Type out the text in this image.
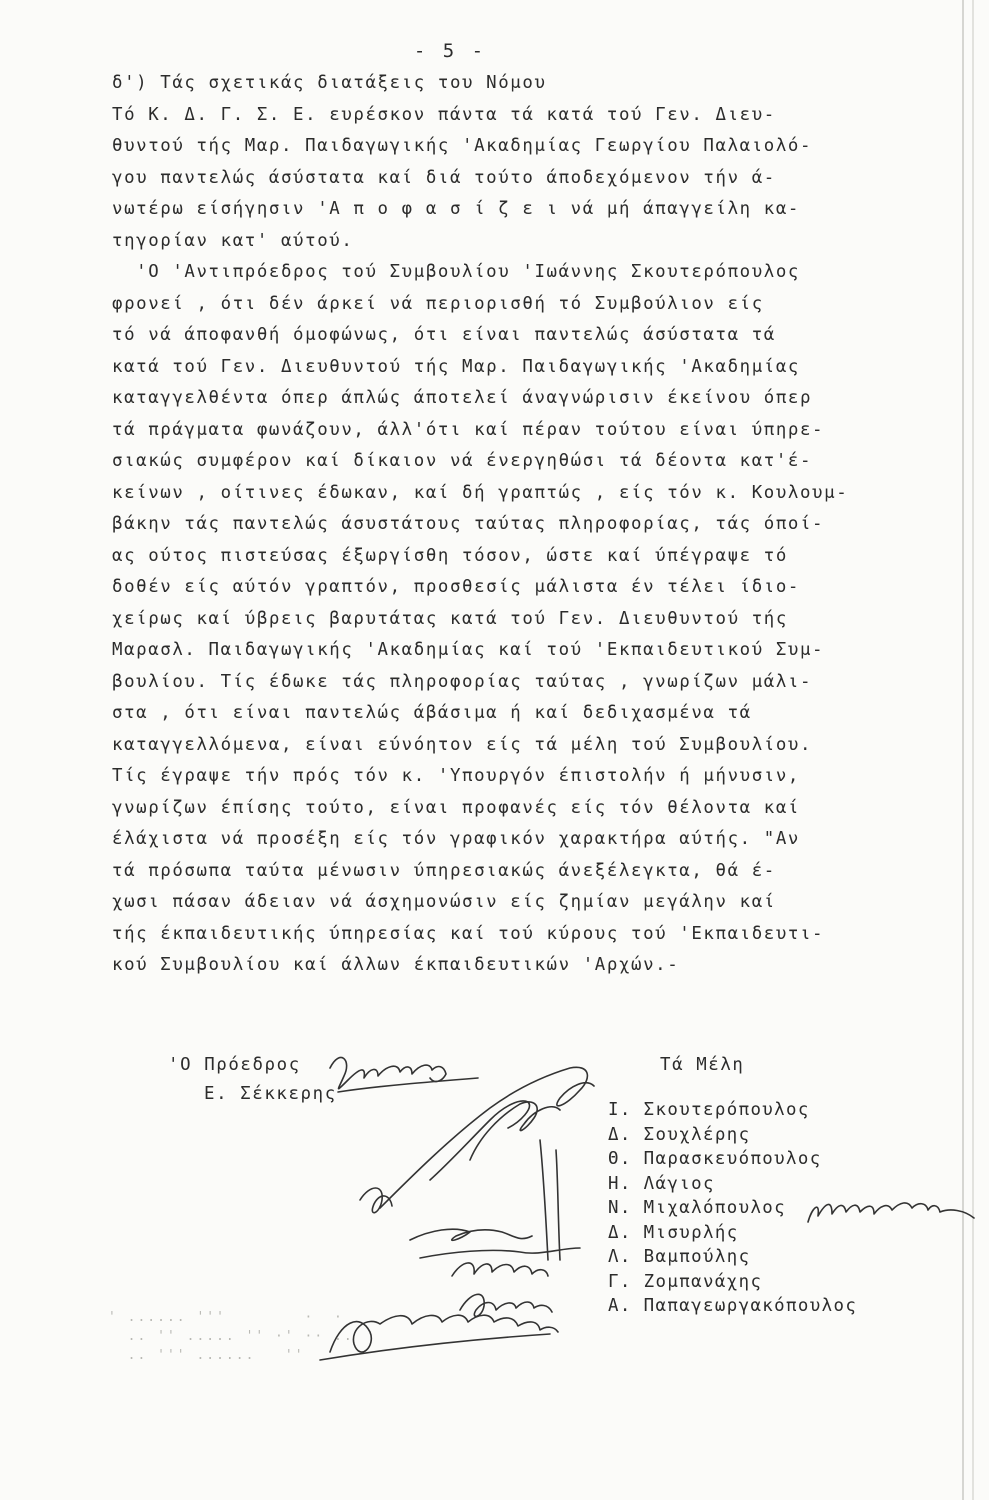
- 5 -
δ') Τάς σχετικάς διατάξεις του Νόμου
Τό Κ. Δ. Γ. Σ. Ε. ευρέσκον πάντα τά κατά τού Γεν. Διευ-
θυντού τής Μαρ. Παιδαγωγικής 'Ακαδημίας Γεωργίου Παλαιολό-
γου παντελώς άσύστατα καί διά τούτο άποδεχόμενον τήν ά-
νωτέρω είσήγησιν 'Α π ο φ α σ ί ζ ε ι νά μή άπαγγείλη κα-
τηγορίαν κατ' αύτού.
'Ο 'Αντιπρόεδρος τού Συμβουλίου 'Ιωάννης Σκουτερόπουλος
φρονεί , ότι δέν άρκεί νά περιορισθή τό Συμβούλιον είς
τό νά άποφανθή όμοφώνως, ότι είναι παντελώς άσύστατα τά
κατά τού Γεν. Διευθυντού τής Μαρ. Παιδαγωγικής 'Ακαδημίας
καταγγελθέντα όπερ άπλώς άποτελεί άναγνώρισιν έκείνου όπερ
τά πράγματα φωνάζουν, άλλ'ότι καί πέραν τούτου είναι ύπηρε-
σιακώς συμφέρον καί δίκαιον νά ένεργηθώσι τά δέοντα κατ'έ-
κείνων , οίτινες έδωκαν, καί δή γραπτώς , είς τόν κ. Κουλουμ-
βάκην τάς παντελώς άσυστάτους ταύτας πληροφορίας, τάς όποί-
ας ούτος πιστεύσας έξωργίσθη τόσον, ώστε καί ύπέγραψε τό
δοθέν είς αύτόν γραπτόν, προσθεσίς μάλιστα έν τέλει ίδιο-
χείρως καί ύβρεις βαρυτάτας κατά τού Γεν. Διευθυντού τής
Μαρασλ. Παιδαγωγικής 'Ακαδημίας καί τού 'Εκπαιδευτικού Συμ-
βουλίου. Τίς έδωκε τάς πληροφορίας ταύτας , γνωρίζων μάλι-
στα , ότι είναι παντελώς άβάσιμα ή καί δεδιχασμένα τά
καταγγελλόμενα, είναι εύνόητον είς τά μέλη τού Συμβουλίου.
Τίς έγραψε τήν πρός τόν κ. 'Υπουργόν έπιστολήν ή μήνυσιν,
γνωρίζων έπίσης τούτο, είναι προφανές είς τόν θέλοντα καί
έλάχιστα νά προσέξη είς τόν γραφικόν χαρακτήρα αύτής. "Αν
τά πρόσωπα ταύτα μένωσιν ύπηρεσιακώς άνεξέλεγκτα, θά έ-
χωσι πάσαν άδειαν νά άσχημονώσιν είς ζημίαν μεγάλην καί
τής έκπαιδευτικής ύπηρεσίας καί τού κύρους τού 'Εκπαιδευτι-
κού Συμβουλίου καί άλλων έκπαιδευτικών 'Αρχών.-
'Ο Πρόεδρος
Ε. Σέκκερης
Τά Μέλη
Ι. Σκουτερόπουλος
Δ. Σουχλέρης
Θ. Παρασκευόπουλος
Η. Λάγιος
Ν. Μιχαλόπουλος
Δ. Μισυρλής
Λ. Βαμπούλης
Γ. Ζομπανάχης
Α. Παπαγεωργακόπουλος
' ...... '''        ·  ·
.. '' ..... '' ·' ·· ..
.. ''' ......   ''
